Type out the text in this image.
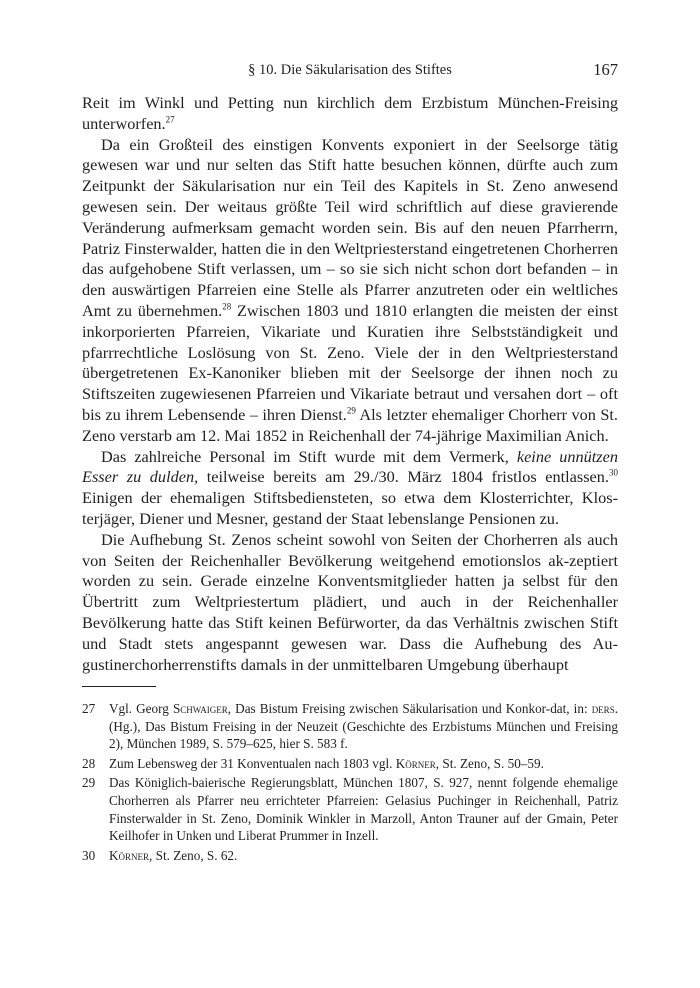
§ 10. Die Säkularisation des Stiftes	167

Reit im Winkl und Petting nun kirchlich dem Erzbistum München-Freising unterworfen.$^{27}$

Da ein Großteil des einstigen Konvents exponiert in der Seelsorge tätig gewesen war und nur selten das Stift hatte besuchen können, dürfte auch zum Zeitpunkt der Säkularisation nur ein Teil des Kapitels in St. Zeno anwesend gewesen sein. Der weitaus größte Teil wird schriftlich auf diese gravierende Veränderung aufmerksam gemacht worden sein. Bis auf den neuen Pfarrherrn, Patriz Finsterwalder, hatten die in den Weltpriesterstand eingetretenen Chorherren das aufgehobene Stift verlassen, um – so sie sich nicht schon dort befanden – in den auswärtigen Pfarreien eine Stelle als Pfarrer anzutreten oder ein weltliches Amt zu übernehmen.$^{28}$ Zwischen 1803 und 1810 erlangten die meisten der einst inkorporierten Pfarreien, Vikariate und Kuratien ihre Selbstständigkeit und pfarrrechtliche Loslösung von St. Zeno. Viele der in den Weltpriesterstand übergetretenen Ex-Kanoniker blieben mit der Seelsorge der ihnen noch zu Stiftszeiten zugewiesenen Pfarreien und Vikariate betraut und versahen dort – oft bis zu ihrem Lebensende – ihren Dienst.$^{29}$ Als letzter ehemaliger Chorherr von St. Zeno verstarb am 12. Mai 1852 in Reichenhall der 74-jährige Maximilian Anich.

Das zahlreiche Personal im Stift wurde mit dem Vermerk, keine unnützen Esser zu dulden, teilweise bereits am 29./30. März 1804 fristlos entlassen.$^{30}$ Einigen der ehemaligen Stiftsbediensteten, so etwa dem Klosterrichter, Klos-terjäger, Diener und Mesner, gestand der Staat lebenslange Pensionen zu.

Die Aufhebung St. Zenos scheint sowohl von Seiten der Chorherren als auch von Seiten der Reichenhaller Bevölkerung weitgehend emotionslos ak-zeptiert worden zu sein. Gerade einzelne Konventsmitglieder hatten ja selbst für den Übertritt zum Weltpriestertum plädiert, und auch in der Reichenhaller Bevölkerung hatte das Stift keinen Befürworter, da das Verhältnis zwischen Stift und Stadt stets angespannt gewesen war. Dass die Aufhebung des Au-gustinerchorherrenstifts damals in der unmittelbaren Umgebung überhaupt

27 Vgl. Georg Schwaiger, Das Bistum Freising zwischen Säkularisation und Konkor-dat, in: ders. (Hg.), Das Bistum Freising in der Neuzeit (Geschichte des Erzbistums München und Freising 2), München 1989, S. 579–625, hier S. 583 f.
28 Zum Lebensweg der 31 Konventualen nach 1803 vgl. Körner, St. Zeno, S. 50–59.
29 Das Königlich-baierische Regierungsblatt, München 1807, S. 927, nennt folgende ehemalige Chorherren als Pfarrer neu errichteter Pfarreien: Gelasius Puchinger in Reichenhall, Patriz Finsterwalder in St. Zeno, Dominik Winkler in Marzoll, Anton Trauner auf der Gmain, Peter Keilhofer in Unken und Liberat Prummer in Inzell.
30 Körner, St. Zeno, S. 62.
